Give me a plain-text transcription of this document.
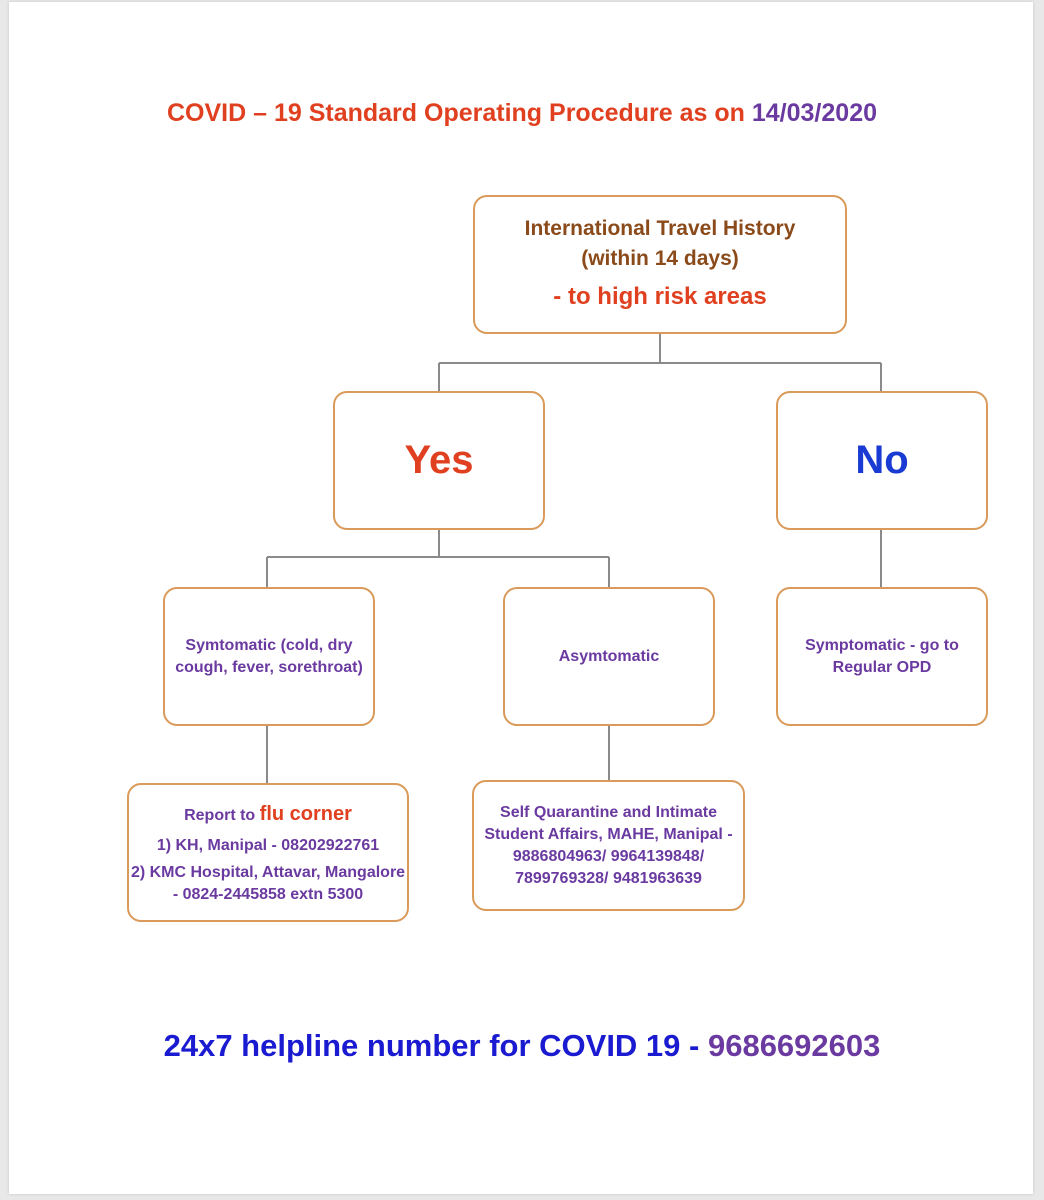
COVID – 19 Standard Operating Procedure as on 14/03/2020
International Travel History
(within 14 days)
- to high risk areas
Yes	No
Symtomatic (cold, dry cough, fever, sorethroat)
Asymtomatic
Symptomatic - go to
Regular OPD
Report to flu corner
1) KH, Manipal - 08202922761
2) KMC Hospital, Attavar, Mangalore - 0824-2445858 extn 5300
Self Quarantine and Intimate Student Affairs, MAHE, Manipal - 9886804963/ 9964139848/ 7899769328/ 9481963639
24x7 helpline number for COVID 19 - 9686692603
